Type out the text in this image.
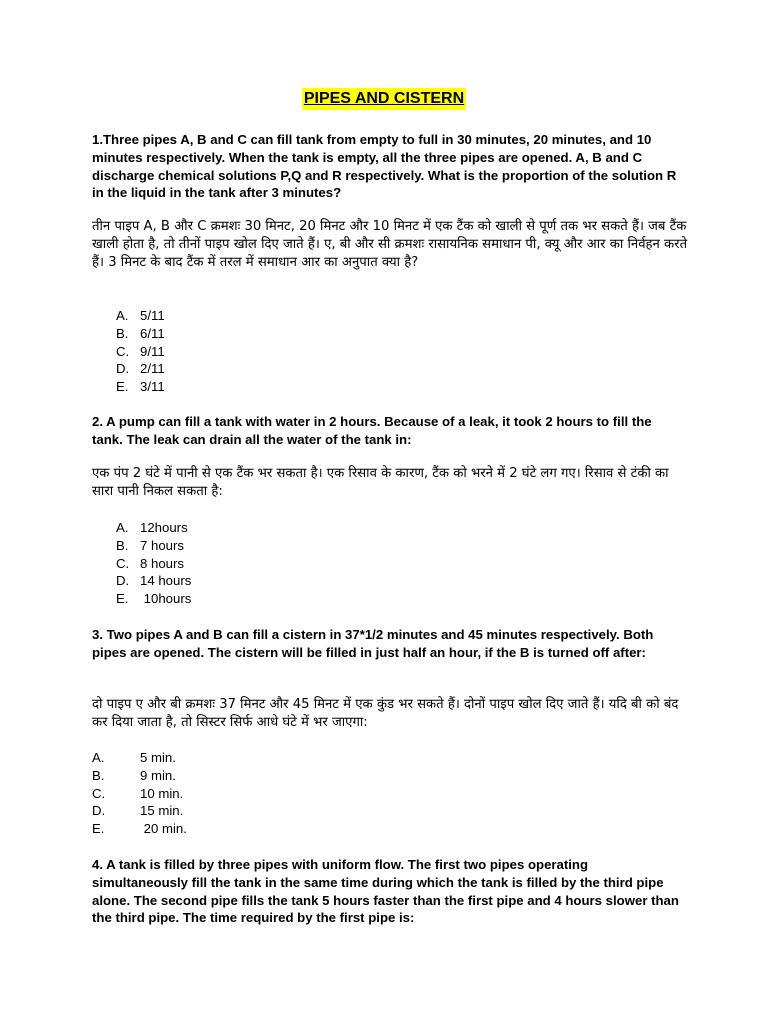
PIPES AND CISTERN
1.Three pipes A, B and C can fill tank from empty to full in 30 minutes, 20 minutes, and 10 minutes respectively. When the tank is empty, all the three pipes are opened. A, B and C discharge chemical solutions P,Q and R respectively. What is the proportion of the solution R in the liquid in the tank after 3 minutes?
तीन पाइप A, B और C क्रमशः 30 मिनट, 20 मिनट और 10 मिनट में एक टैंक को खाली से पूर्ण तक भर सकते हैं। जब टैंक खाली होता है, तो तीनों पाइप खोल दिए जाते हैं। ए, बी और सी क्रमशः रासायनिक समाधान पी, क्यू और आर का निर्वहन करते हैं। 3 मिनट के बाद टैंक में तरल में समाधान आर का अनुपात क्या है?
A. 5/11
B. 6/11
C. 9/11
D. 2/11
E. 3/11
2. A pump can fill a tank with water in 2 hours. Because of a leak, it took 2 hours to fill the tank. The leak can drain all the water of the tank in:
एक पंप 2 घंटे में पानी से एक टैंक भर सकता है। एक रिसाव के कारण, टैंक को भरने में 2 घंटे लग गए। रिसाव से टंकी का सारा पानी निकल सकता है:
A. 12hours
B. 7 hours
C. 8 hours
D. 14 hours
E. 10hours
3. Two pipes A and B can fill a cistern in 37*1/2 minutes and 45 minutes respectively. Both pipes are opened. The cistern will be filled in just half an hour, if the B is turned off after:
दो पाइप ए और बी क्रमशः 37 मिनट और 45 मिनट में एक कुंड भर सकते हैं। दोनों पाइप खोल दिए जाते हैं। यदि बी को बंद कर दिया जाता है, तो सिस्टर सिर्फ आधे घंटे में भर जाएगा:
A.	5 min.
B.	9 min.
C.	10 min.
D.	15 min.
E.	20 min.
4. A tank is filled by three pipes with uniform flow. The first two pipes operating simultaneously fill the tank in the same time during which the tank is filled by the third pipe alone. The second pipe fills the tank 5 hours faster than the first pipe and 4 hours slower than the third pipe. The time required by the first pipe is:
